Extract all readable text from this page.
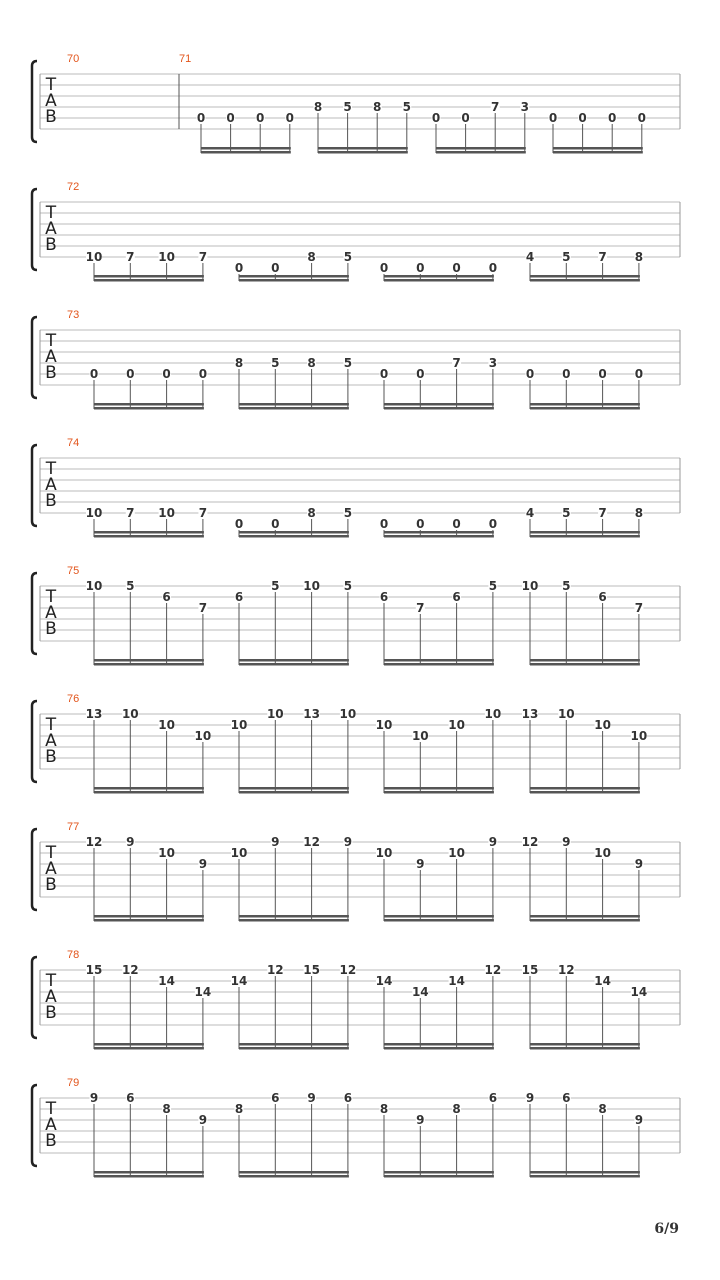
T
A
B
70	71
0 0 0 0
8 5 8 5
0 0
7 3
0 0 0 0
T
A
B
72
10 7 10 7
0 0
8 5
0 0 0 0
4 5 7 8
T
A
B
73
0 0 0 0
8 5 8 5
0 0
7 3
0 0 0 0
T
A
B
74
10 7 10 7
0 0
8 5
0 0 0 0
4 5 7 8
T
A
B
75
10 5
6
7
6
5 10 5
6
7
6
5 10 5
6
7
T
A
B
76
13 10
10
10
10
10 13 10
10
10
10
10 13 10
10
10
T
A
B
77
12 9
10
9
10
9 12 9
10
9
10
9 12 9
10
9
T
A
B
78
15 12
14
14
14
12 15 12
14
14
14
12 15 12
14
14
T
A
B
79
9 6
8
9
8
6 9 6
8
9
8
6 9 6
8
9
6/9
